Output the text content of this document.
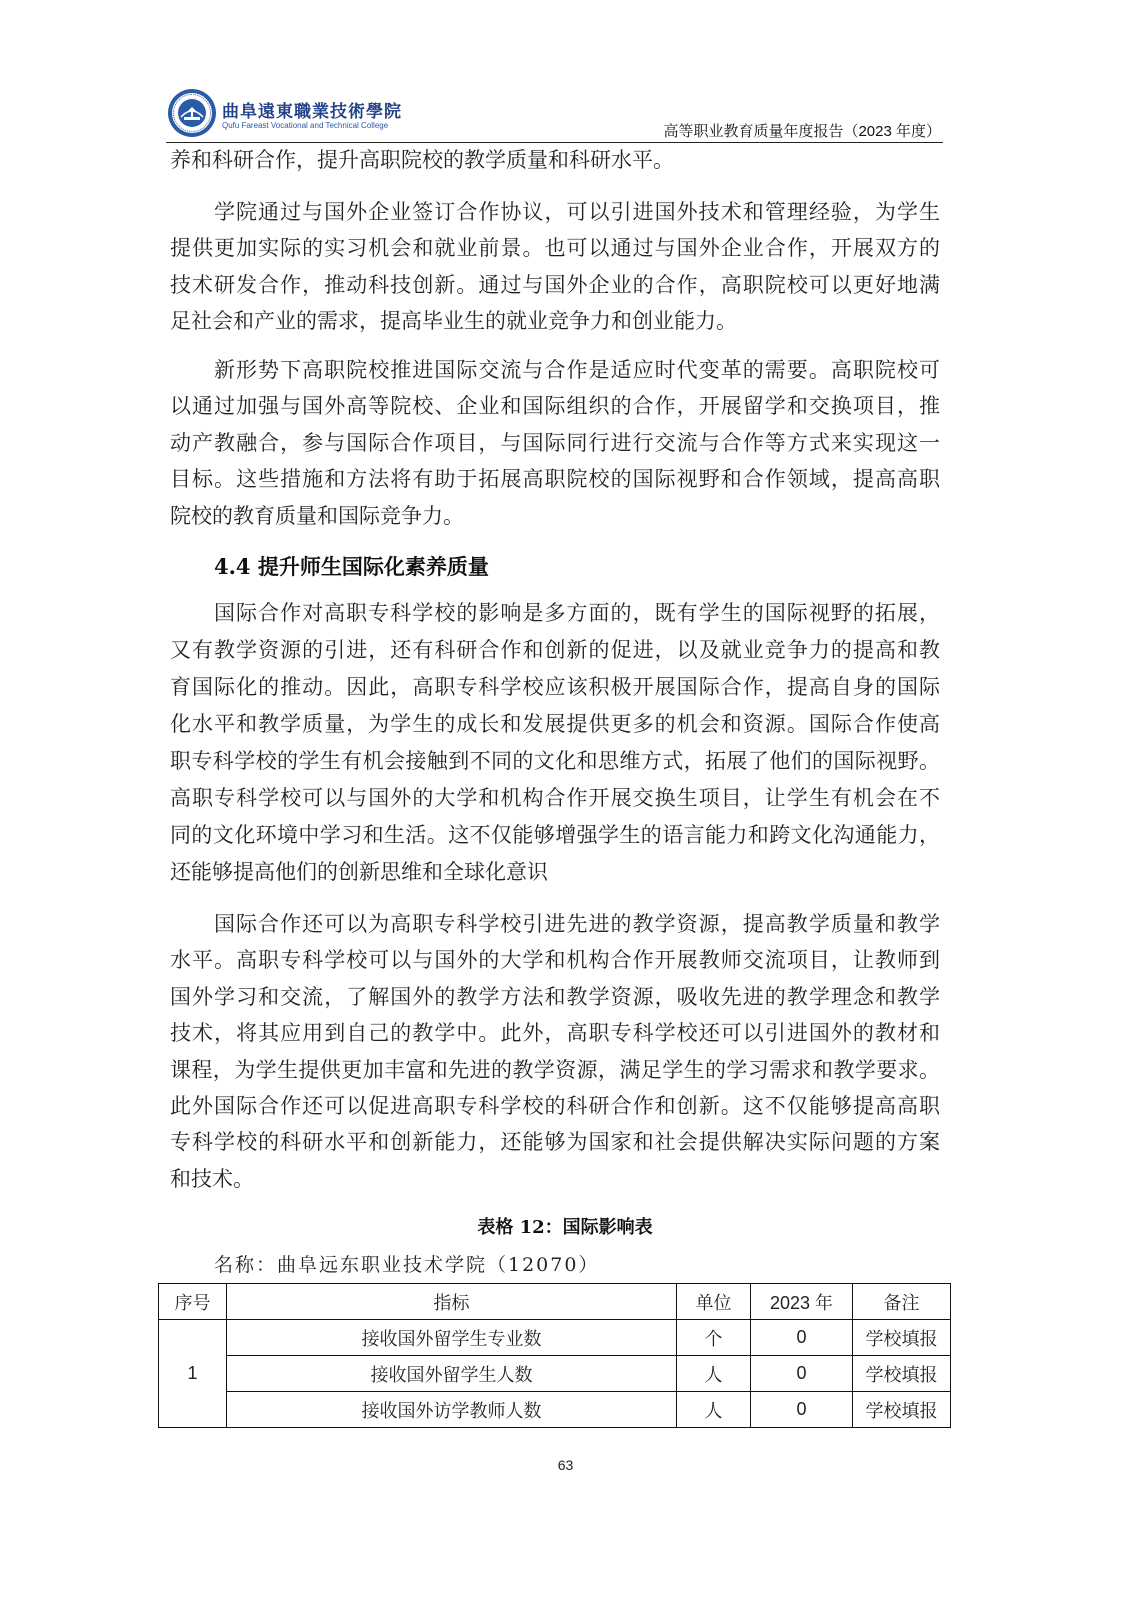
曲阜遠東職業技術學院
Qufu Fareast Vocational and Technical College	高等职业教育质量年度报告（2023 年度）
养和科研合作，提升高职院校的教学质量和科研水平。
学院通过与国外企业签订合作协议，可以引进国外技术和管理经验，为学生
提供更加实际的实习机会和就业前景。也可以通过与国外企业合作，开展双方的
技术研发合作，推动科技创新。通过与国外企业的合作，高职院校可以更好地满
足社会和产业的需求，提高毕业生的就业竞争力和创业能力。
新形势下高职院校推进国际交流与合作是适应时代变革的需要。高职院校可
以通过加强与国外高等院校、企业和国际组织的合作，开展留学和交换项目，推
动产教融合，参与国际合作项目，与国际同行进行交流与合作等方式来实现这一
目标。这些措施和方法将有助于拓展高职院校的国际视野和合作领域，提高高职
院校的教育质量和国际竞争力。
4.4 提升师生国际化素养质量
国际合作对高职专科学校的影响是多方面的，既有学生的国际视野的拓展，
又有教学资源的引进，还有科研合作和创新的促进，以及就业竞争力的提高和教
育国际化的推动。因此，高职专科学校应该积极开展国际合作，提高自身的国际
化水平和教学质量，为学生的成长和发展提供更多的机会和资源。国际合作使高
职专科学校的学生有机会接触到不同的文化和思维方式，拓展了他们的国际视野。
高职专科学校可以与国外的大学和机构合作开展交换生项目，让学生有机会在不
同的文化环境中学习和生活。这不仅能够增强学生的语言能力和跨文化沟通能力，
还能够提高他们的创新思维和全球化意识
国际合作还可以为高职专科学校引进先进的教学资源，提高教学质量和教学
水平。高职专科学校可以与国外的大学和机构合作开展教师交流项目，让教师到
国外学习和交流，了解国外的教学方法和教学资源，吸收先进的教学理念和教学
技术，将其应用到自己的教学中。此外，高职专科学校还可以引进国外的教材和
课程，为学生提供更加丰富和先进的教学资源，满足学生的学习需求和教学要求。
此外国际合作还可以促进高职专科学校的科研合作和创新。这不仅能够提高高职
专科学校的科研水平和创新能力，还能够为国家和社会提供解决实际问题的方案
和技术。
表格 12：国际影响表
名称：曲阜远东职业技术学院（12070）
序号	指标	单位	2023 年	备注
1	接收国外留学生专业数	个	0	学校填报
	接收国外留学生人数	人	0	学校填报
	接收国外访学教师人数	人	0	学校填报
63
